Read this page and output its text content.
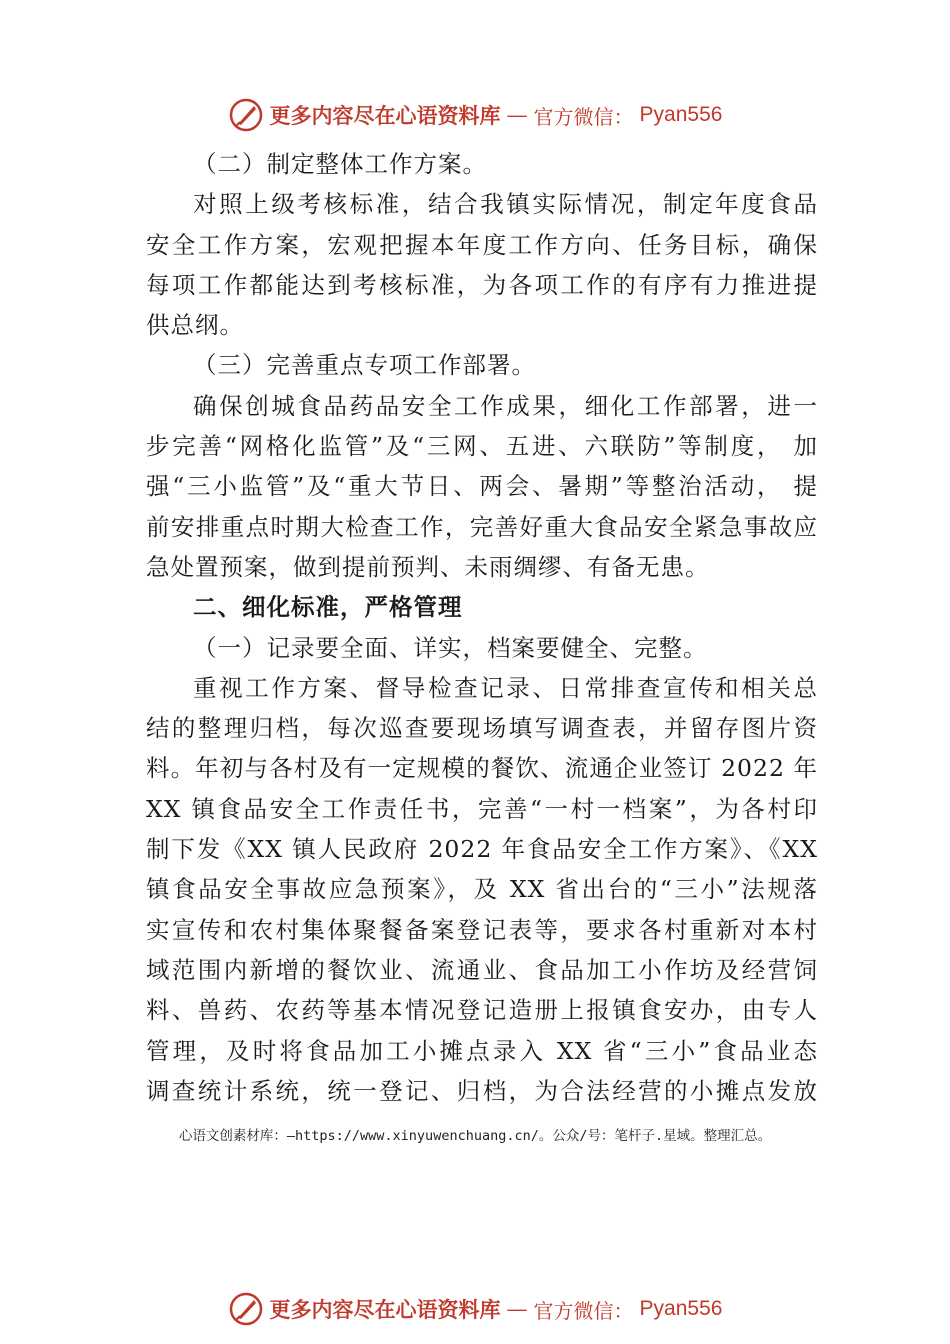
更多内容尽在心语资料库 — 官方微信： Pyan556
（二）制定整体工作方案。
对照上级考核标准，结合我镇实际情况，制定年度食品
安全工作方案，宏观把握本年度工作方向、任务目标，确保
每项工作都能达到考核标准，为各项工作的有序有力推进提
供总纲。
（三）完善重点专项工作部署。
确保创城食品药品安全工作成果，细化工作部署，进一
步完善“网格化监管”及“三网、五进、六联防”等制度， 加
强“三小监管”及“重大节日、两会、暑期”等整治活动， 提
前安排重点时期大检查工作，完善好重大食品安全紧急事故应
急处置预案，做到提前预判、未雨绸缪、有备无患。
二、细化标准，严格管理
（一）记录要全面、详实，档案要健全、完整。
重视工作方案、督导检查记录、日常排查宣传和相关总
结的整理归档，每次巡查要现场填写调查表，并留存图片资
料。年初与各村及有一定规模的餐饮、流通企业签订 2022 年
XX 镇食品安全工作责任书，完善“一村一档案”，为各村印
制下发《XX 镇人民政府 2022 年食品安全工作方案》、《XX
镇食品安全事故应急预案》，及 XX 省出台的“三小”法规落
实宣传和农村集体聚餐备案登记表等，要求各村重新对本村
域范围内新增的餐饮业、流通业、食品加工小作坊及经营饲
料、兽药、农药等基本情况登记造册上报镇食安办，由专人
管理，及时将食品加工小摊点录入 XX 省“三小”食品业态
调查统计系统，统一登记、归档，为合法经营的小摊点发放
心语文创素材库：—https://www.xinyuwenchuang.cn/。公众/号：笔杆子.星域。整理汇总。
更多内容尽在心语资料库 — 官方微信： Pyan556
